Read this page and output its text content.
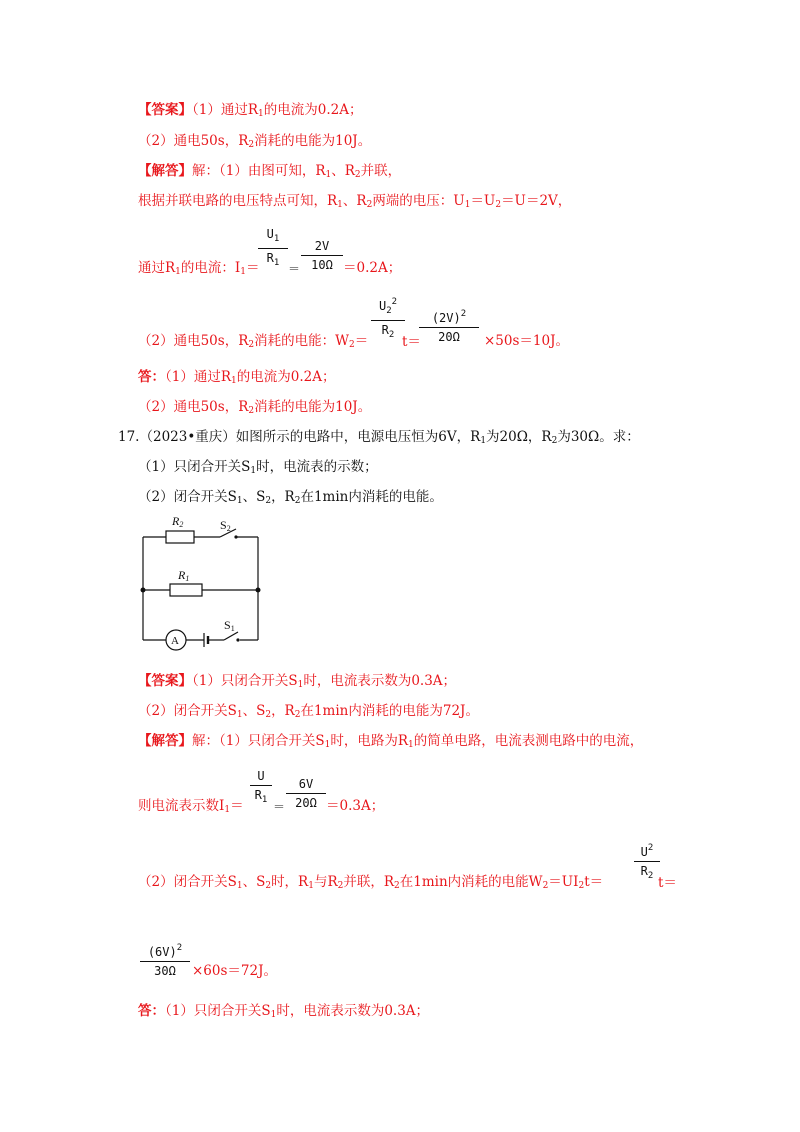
【答案】（1）通过$R_1$的电流为0.2A；
（2）通电50s，$R_2$消耗的电能为10J。
【解答】解：（1）由图可知，$R_1$、$R_2$并联，
根据并联电路的电压特点可知，$R_1$、$R_2$两端的电压：$U_1=U_2=U=2V$，
通过$R_1$的电流：$I_1=$
$U_1$
$R_1$ ＝
2V
10Ω ＝0.2A；
（2）通电50s，$R_2$消耗的电能：$W_2=$
$U_2^2$
$R_2$ t＝
$(2V)^2$
20Ω	×50s＝10J。
答：（1）通过$R_1$的电流为0.2A；
（2）通电50s，$R_2$消耗的电能为10J。
17.（2023•重庆）如图所示的电路中，电源电压恒为6V，$R_1$为20Ω，$R_2$为30Ω。求：
（1）只闭合开关$S_1$时，电流表的示数；
（2）闭合开关$S_1$、$S_2$，$R_2$在1min内消耗的电能。
R2	S2
R1
A
S1
【答案】（1）只闭合开关$S_1$时，电流表示数为0.3A；
（2）闭合开关$S_1$、$S_2$，$R_2$在1min内消耗的电能为72J。
【解答】解：（1）只闭合开关$S_1$时，电路为$R_1$的简单电路，电流表测电路中的电流，
则电流表示数$I_1=$
U
$R_1$ ＝
6V
20Ω ＝0.3A；
（2）闭合开关$S_1$、$S_2$时，$R_1$与$R_2$并联，$R_2$在1min内消耗的电能$W_2=UI_2t=$
$U^2$
$R_2$ t＝
$(6V)^2$
30Ω	×60s＝72J。
答：（1）只闭合开关$S_1$时，电流表示数为0.3A；
